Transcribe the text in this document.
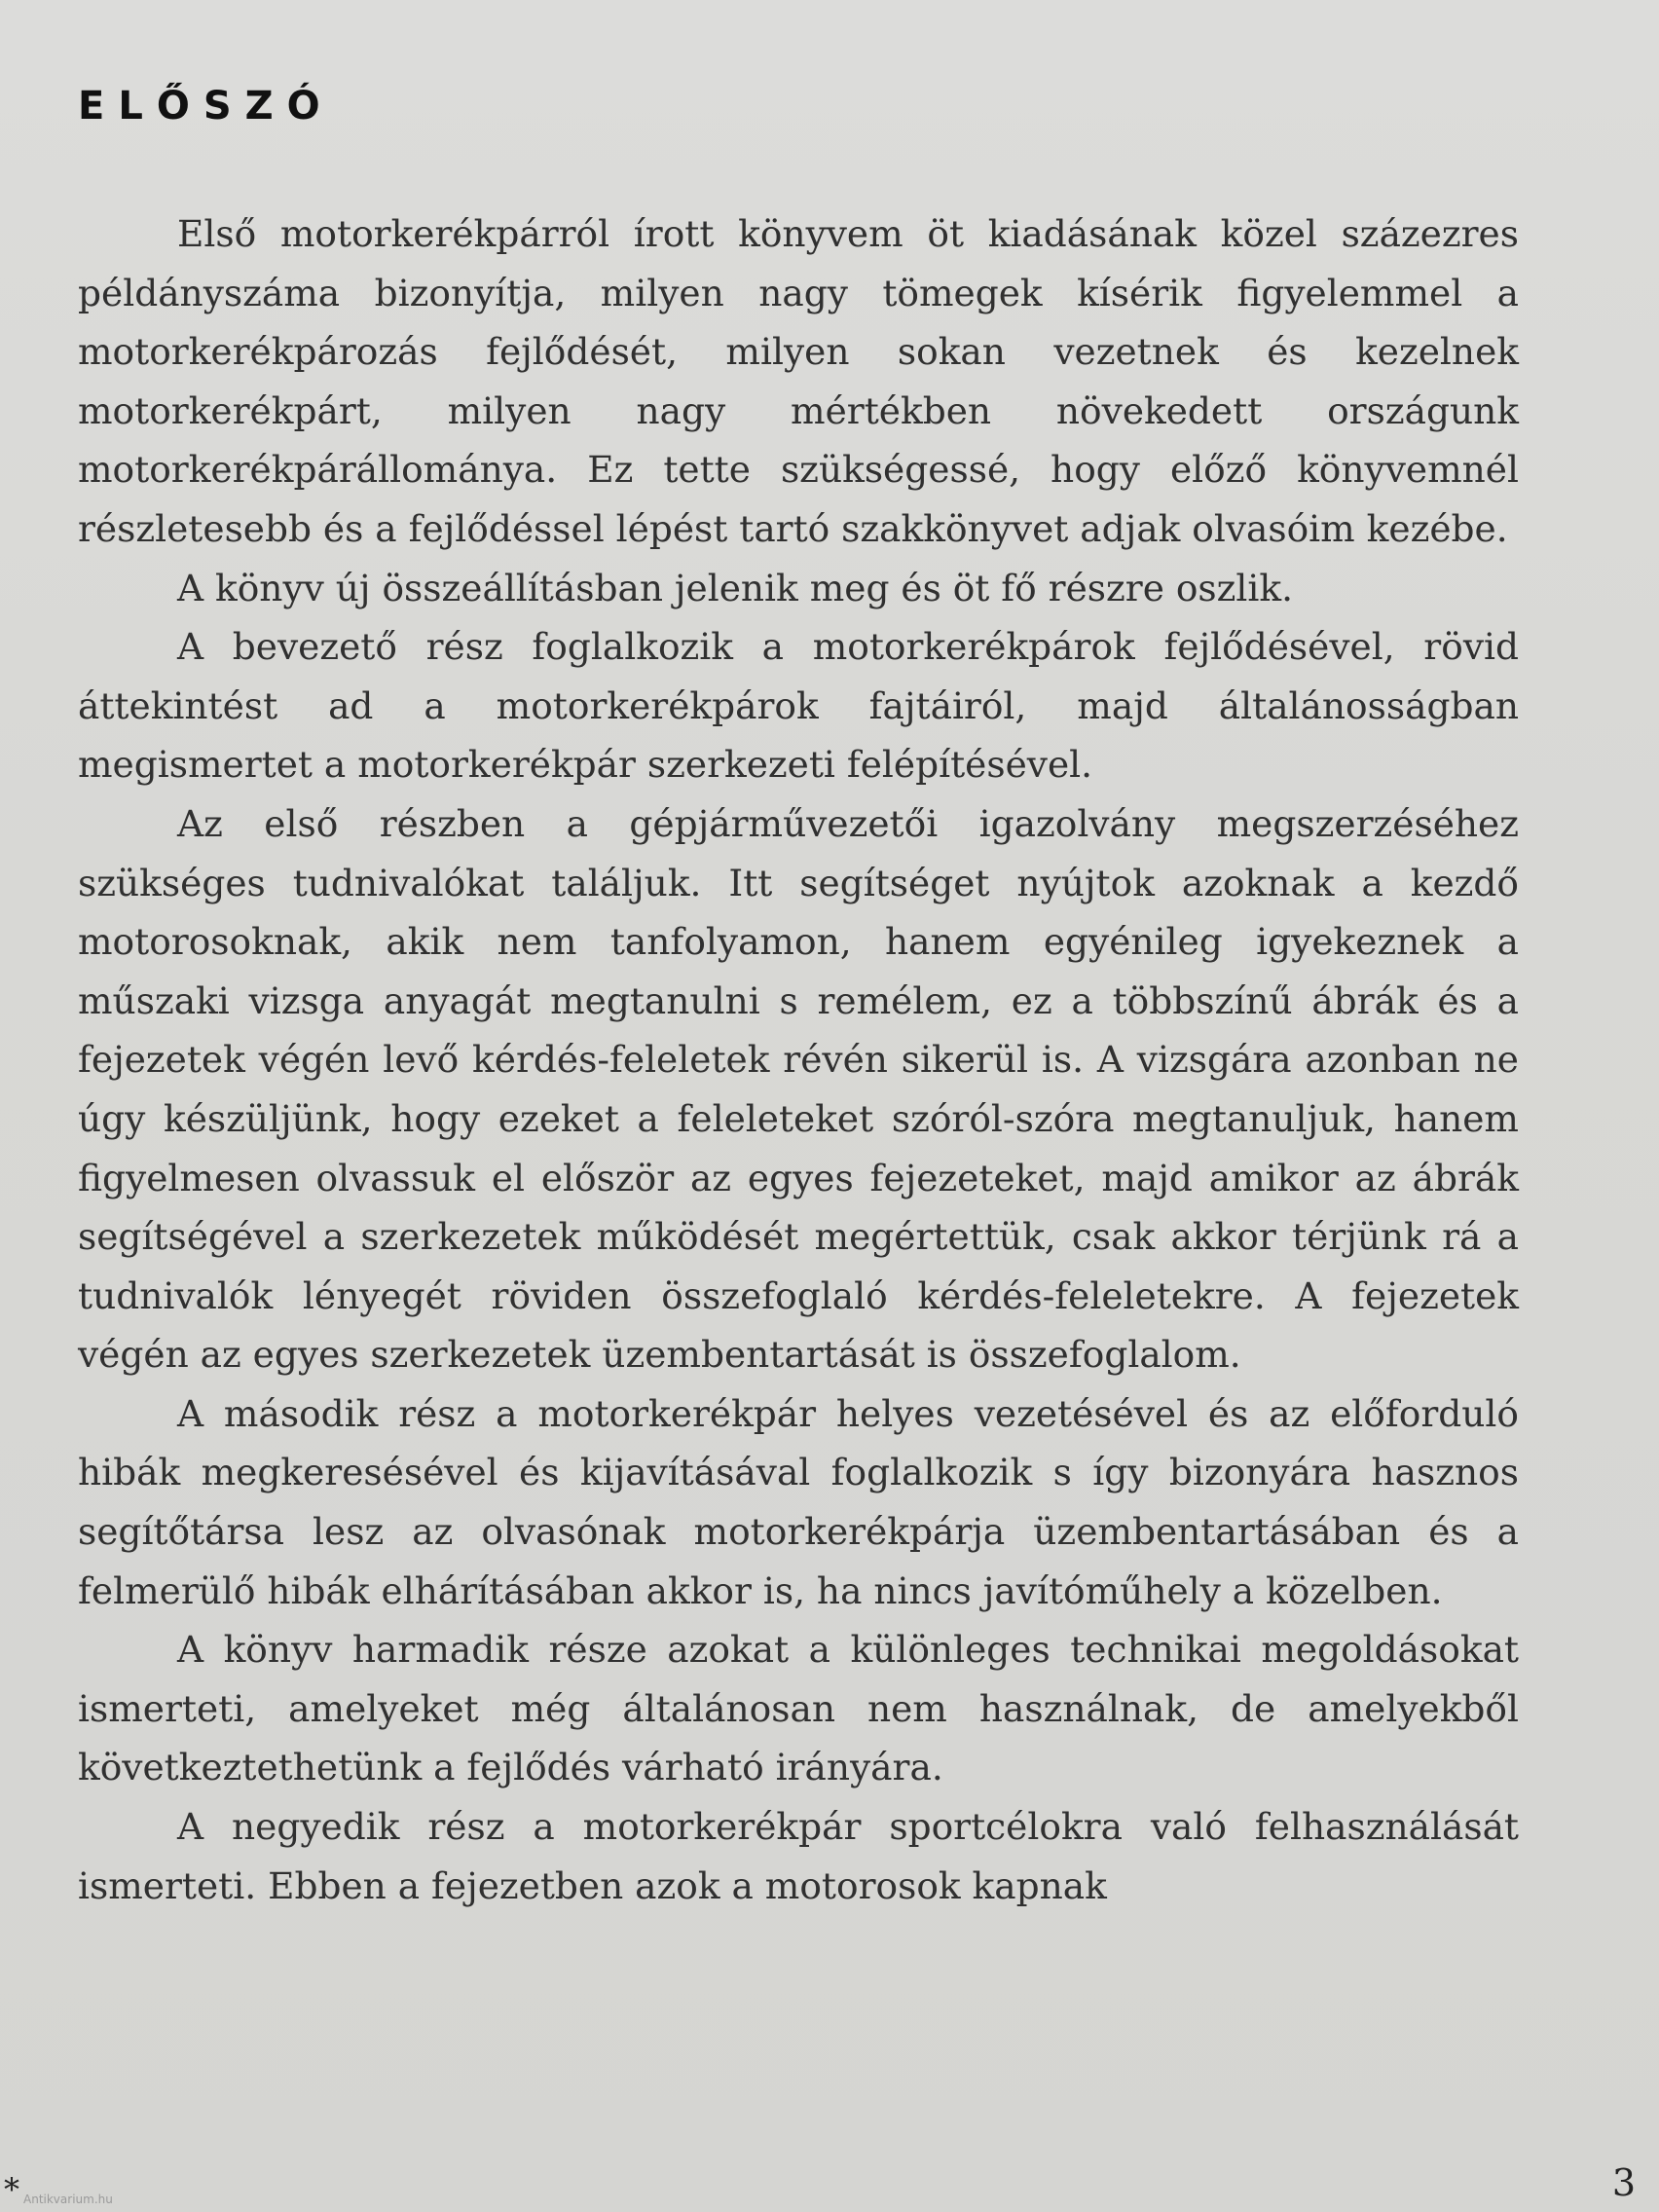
ELŐSZÓ

Első motorkerékpárról írott könyvem öt kiadásának közel százezres példányszáma bizonyítja, milyen nagy tömegek kísérik figyelemmel a motorkerékpározás fejlődését, milyen sokan vezetnek és kezelnek motorkerékpárt, milyen nagy mértékben növekedett országunk motorkerékpárállománya. Ez tette szükségessé, hogy előző könyvemnél részletesebb és a fejlődéssel lépést tartó szakkönyvet adjak olvasóim kezébe.

A könyv új összeállításban jelenik meg és öt fő részre oszlik.

A bevezető rész foglalkozik a motorkerékpárok fejlődésével, rövid áttekintést ad a motorkerékpárok fajtáiról, majd általánosságban megismertet a motorkerékpár szerkezeti felépítésével.

Az első részben a gépjárművezetői igazolvány megszerzéséhez szükséges tudnivalókat találjuk. Itt segítséget nyújtok azoknak a kezdő motorosoknak, akik nem tanfolyamon, hanem egyénileg igyekeznek a műszaki vizsga anyagát megtanulni s remélem, ez a többszínű ábrák és a fejezetek végén levő kérdés-feleletek révén sikerül is. A vizsgára azonban ne úgy készüljünk, hogy ezeket a feleleteket szóról-szóra megtanuljuk, hanem figyelmesen olvassuk el először az egyes fejezeteket, majd amikor az ábrák segítségével a szerkezetek működését megértettük, csak akkor térjünk rá a tudnivalók lényegét röviden összefoglaló kérdés-feleletekre. A fejezetek végén az egyes szerkezetek üzembentartását is összefoglalom.

A második rész a motorkerékpár helyes vezetésével és az előforduló hibák megkeresésével és kijavításával foglalkozik s így bizonyára hasznos segítőtársa lesz az olvasónak motorkerékpárja üzembentartásában és a felmerülő hibák elhárításában akkor is, ha nincs javítóműhely a közelben.

A könyv harmadik része azokat a különleges technikai megoldásokat ismerteti, amelyeket még általánosan nem használnak, de amelyekből következtethetünk a fejlődés várható irányára.

A negyedik rész a motorkerékpár sportcélokra való felhasználását ismerteti. Ebben a fejezetben azok a motorosok kapnak

* Antikvarium.hu	3
